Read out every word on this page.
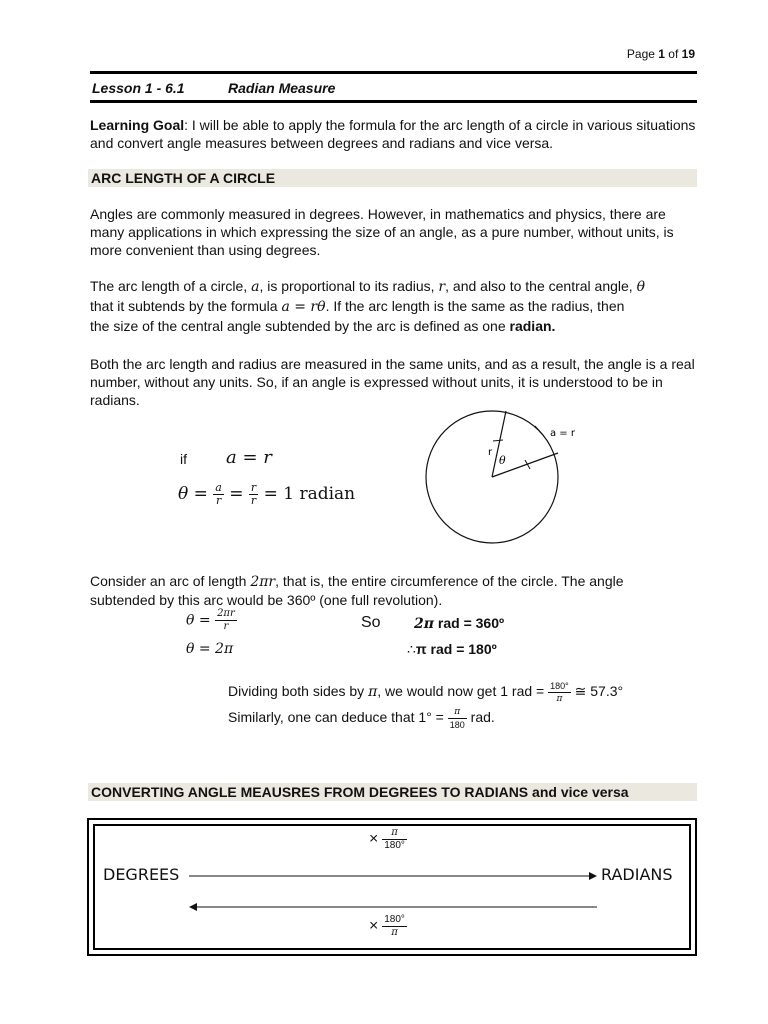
Page 1 of 19
Lesson 1 - 6.1	Radian Measure
Learning Goal: I will be able to apply the formula for the arc length of a circle in various situations and convert angle measures between degrees and radians and vice versa.
ARC LENGTH OF A CIRCLE
Angles are commonly measured in degrees. However, in mathematics and physics, there are many applications in which expressing the size of an angle, as a pure number, without units, is more convenient than using degrees.
The arc length of a circle, a, is proportional to its radius, r, and also to the central angle, θ
that it subtends by the formula a = rθ. If the arc length is the same as the radius, then
the size of the central angle subtended by the arc is defined as one radian.
Both the arc length and radius are measured in the same units, and as a result, the angle is a real number, without any units. So, if an angle is expressed without units, it is understood to be in radians.
if a = r
$\theta = \frac{a}{r} = \frac{r}{r} = 1$ radian
a = r
r
θ
Consider an arc of length 2πr, that is, the entire circumference of the circle. The angle
subtended by this arc would be 360º (one full revolution).
$\theta = \frac{2\pi r}{r}$
θ = 2π
So 2π rad = 360º
∴π rad = 180º
Dividing both sides by π, we would now get 1 rad = $\frac{180^\circ}{\pi}$ ≅ 57.3°
Similarly, one can deduce that $1^\circ = \frac{\pi}{180}$ rad.
CONVERTING ANGLE MEAUSRES FROM DEGREES TO RADIANS and vice versa
DEGREES	RADIANS
× $\frac{\pi}{180^\circ}$
× $\frac{180^\circ}{\pi}$
